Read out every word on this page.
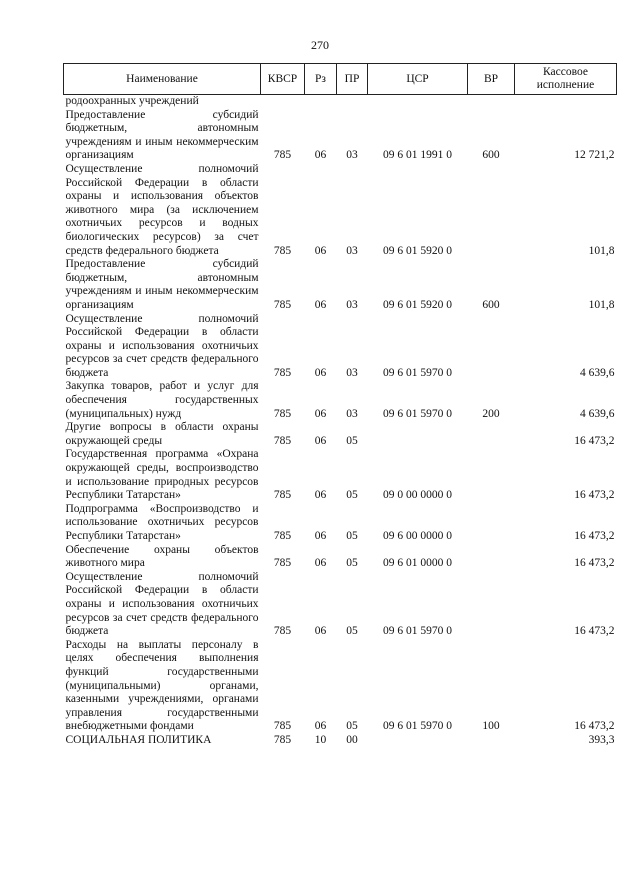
270
Наименование	КВСР	Рз	ПР	ЦСР	ВР	Кассовое исполнение
родоохранных учреждений						
Предоставление субсидий бюджетным, автономным учреждениям и иным некоммерческим организациям	785	06	03	09 6 01 1991 0	600	12 721,2
Осуществление полномочий Российской Федерации в области охраны и использования объектов животного мира (за исключением охотничьих ресурсов и водных биологических ресурсов) за счет средств федерального бюджета	785	06	03	09 6 01 5920 0		101,8
Предоставление субсидий бюджетным, автономным учреждениям и иным некоммерческим организациям	785	06	03	09 6 01 5920 0	600	101,8
Осуществление полномочий Российской Федерации в области охраны и использования охотничьих ресурсов за счет средств федерального бюджета	785	06	03	09 6 01 5970 0		4 639,6
Закупка товаров, работ и услуг для обеспечения государственных (муниципальных) нужд	785	06	03	09 6 01 5970 0	200	4 639,6
Другие вопросы в области охраны окружающей среды	785	06	05			16 473,2
Государственная программа «Охрана окружающей среды, воспроизводство и использование природных ресурсов Республики Татарстан»	785	06	05	09 0 00 0000 0		16 473,2
Подпрограмма «Воспроизводство и использование охотничьих ресурсов Республики Татарстан»	785	06	05	09 6 00 0000 0		16 473,2
Обеспечение охраны объектов животного мира	785	06	05	09 6 01 0000 0		16 473,2
Осуществление полномочий Российской Федерации в области охраны и использования охотничьих ресурсов за счет средств федерального бюджета	785	06	05	09 6 01 5970 0		16 473,2
Расходы на выплаты персоналу в целях обеспечения выполнения функций государственными (муниципальными) органами, казенными учреждениями, органами управления государственными внебюджетными фондами	785	06	05	09 6 01 5970 0	100	16 473,2
СОЦИАЛЬНАЯ ПОЛИТИКА	785	10	00			393,3
